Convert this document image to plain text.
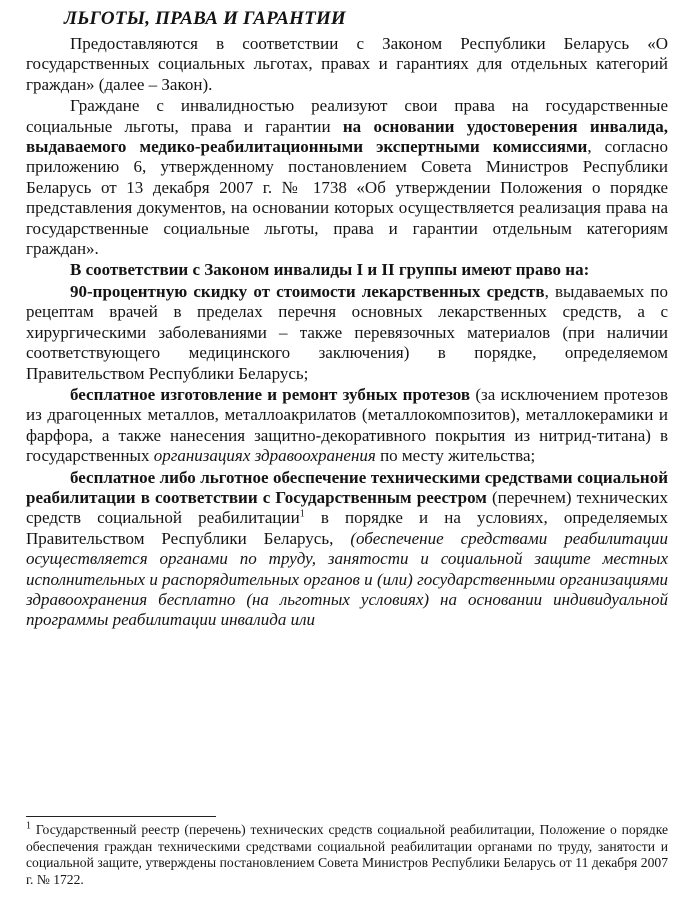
ЛЬГОТЫ, ПРАВА И ГАРАНТИИ

Предоставляются в соответствии с Законом Республики Беларусь «О государственных социальных льготах, правах и гарантиях для отдельных категорий граждан» (далее – Закон).

Граждане с инвалидностью реализуют свои права на государственные социальные льготы, права и гарантии на основании удостоверения инвалида, выдаваемого медико-реабилитационными экспертными комиссиями, согласно приложению 6, утвержденному постановлением Совета Министров Республики Беларусь от 13 декабря 2007 г. № 1738 «Об утверждении Положения о порядке представления документов, на основании которых осуществляется реализация права на государственные социальные льготы, права и гарантии отдельным категориям граждан».

В соответствии с Законом инвалиды I и II группы имеют право на:

90-процентную скидку от стоимости лекарственных средств, выдаваемых по рецептам врачей в пределах перечня основных лекарственных средств, а с хирургическими заболеваниями – также перевязочных материалов (при наличии соответствующего медицинского заключения) в порядке, определяемом Правительством Республики Беларусь;

бесплатное изготовление и ремонт зубных протезов (за исключением протезов из драгоценных металлов, металлоакрилатов (металлокомпозитов), металлокерамики и фарфора, а также нанесения защитно-декоративного покрытия из нитрид-титана) в государственных организациях здравоохранения по месту жительства;

бесплатное либо льготное обеспечение техническими средствами социальной реабилитации в соответствии с Государственным реестром (перечнем) технических средств социальной реабилитации$^1$ в порядке и на условиях, определяемых Правительством Республики Беларусь, (обеспечение средствами реабилитации осуществляется органами по труду, занятости и социальной защите местных исполнительных и распорядительных органов и (или) государственными организациями здравоохранения бесплатно (на льготных условиях) на основании индивидуальной программы реабилитации инвалида или

$^1$ Государственный реестр (перечень) технических средств социальной реабилитации, Положение о порядке обеспечения граждан техническими средствами социальной реабилитации органами по труду, занятости и социальной защите, утверждены постановлением Совета Министров Республики Беларусь от 11 декабря 2007 г. № 1722.
